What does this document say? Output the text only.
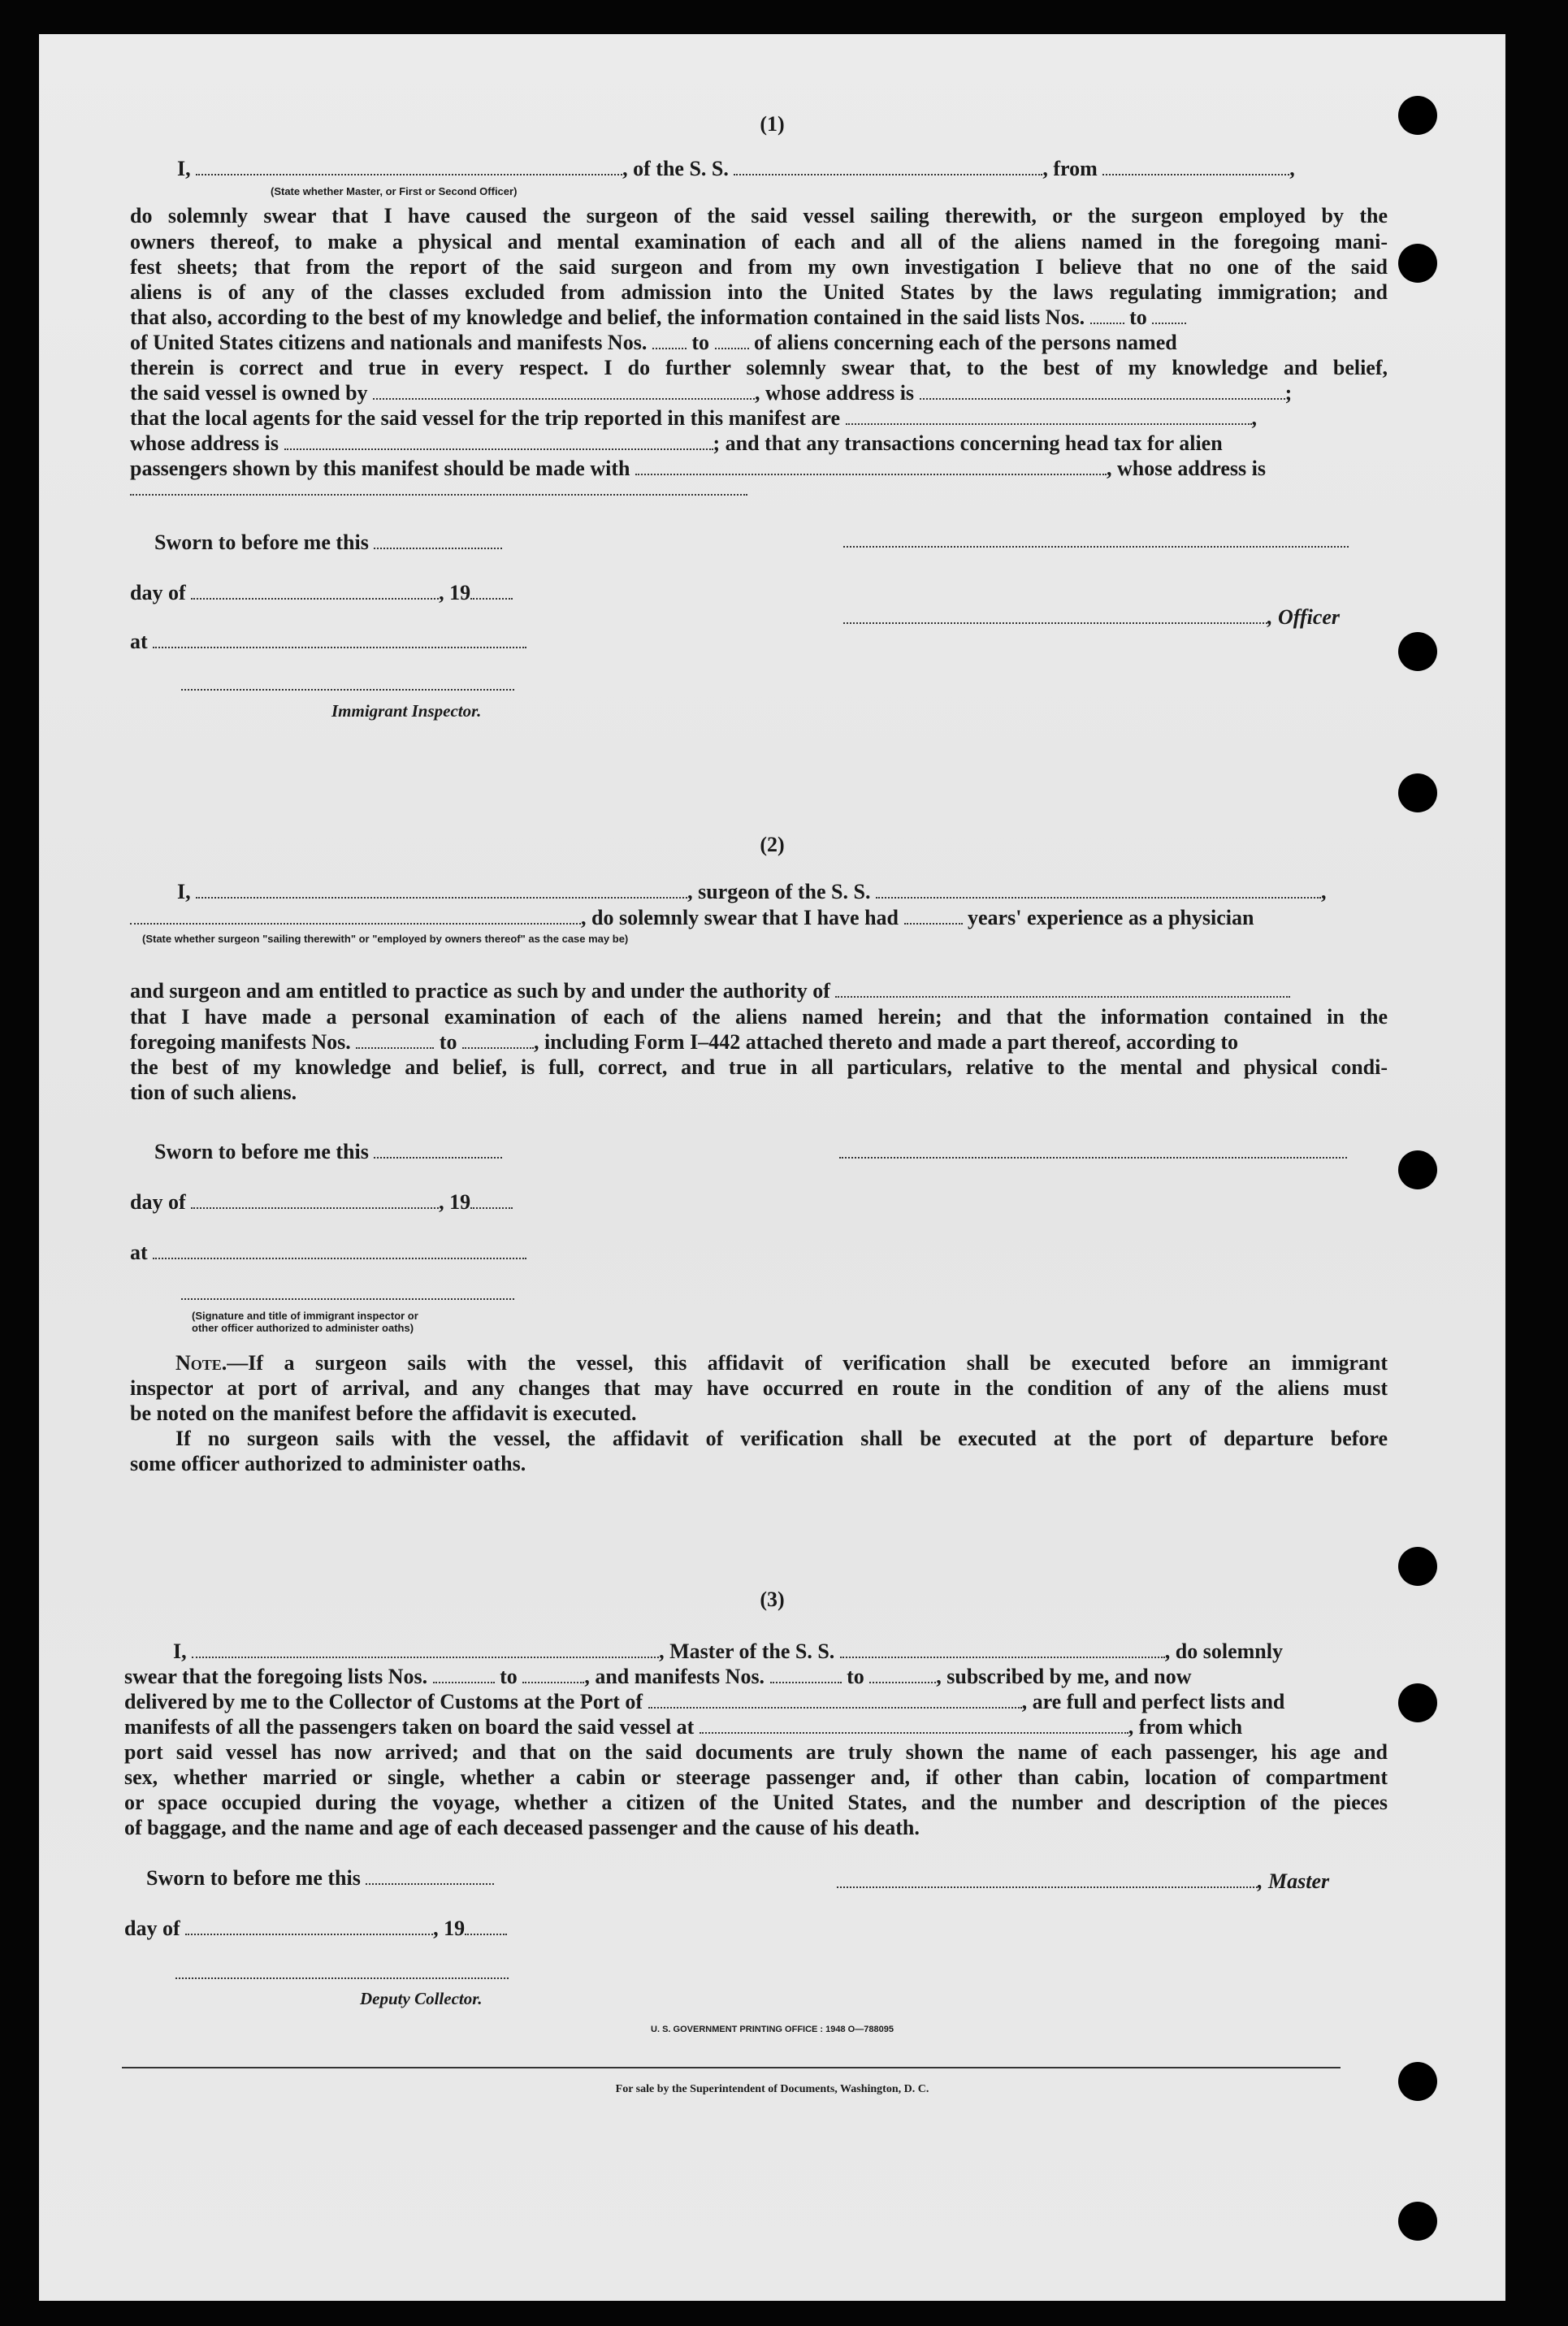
(1)
I,	, of the S. S.	, from	,
(State whether Master, or First or Second Officer)
do solemnly swear that I have caused the surgeon of the said vessel sailing therewith, or the surgeon employed by the
owners thereof, to make a physical and mental examination of each and all of the aliens named in the foregoing mani-
fest sheets; that from the report of the said surgeon and from my own investigation I believe that no one of the said
aliens is of any of the classes excluded from admission into the United States by the laws regulating immigration; and
that also, according to the best of my knowledge and belief, the information contained in the said lists Nos. to
of United States citizens and nationals and manifests Nos. to of aliens concerning each of the persons named
therein is correct and true in every respect. I do further solemnly swear that, to the best of my knowledge and belief,
the said vessel is owned by	, whose address is	;
that the local agents for the said vessel for the trip reported in this manifest are	,
whose address is	; and that any transactions concerning head tax for alien
passengers shown by this manifest should be made with	, whose address is
Sworn to before me this
day of	, 19
, Officer
at
Immigrant Inspector.
(2)
I,	, surgeon of the S. S.	,
, do solemnly swear that I have had	years' experience as a physician
(State whether surgeon "sailing therewith" or "employed by owners thereof" as the case may be)
and surgeon and am entitled to practice as such by and under the authority of
that I have made a personal examination of each of the aliens named herein; and that the information contained in the
foregoing manifests Nos.	to	, including Form I–442 attached thereto and made a part thereof, according to
the best of my knowledge and belief, is full, correct, and true in all particulars, relative to the mental and physical condi-
tion of such aliens.
Sworn to before me this
day of	, 19
at
(Signature and title of immigrant inspector or
other officer authorized to administer oaths)
Note.—If a surgeon sails with the vessel, this affidavit of verification shall be executed before an immigrant
inspector at port of arrival, and any changes that may have occurred en route in the condition of any of the aliens must
be noted on the manifest before the affidavit is executed.
If no surgeon sails with the vessel, the affidavit of verification shall be executed at the port of departure before
some officer authorized to administer oaths.
(3)
I,	, Master of the S. S.	, do solemnly
swear that the foregoing lists Nos.	to	, and manifests Nos.	to	, subscribed by me, and now
delivered by me to the Collector of Customs at the Port of	, are full and perfect lists and
manifests of all the passengers taken on board the said vessel at	, from which
port said vessel has now arrived; and that on the said documents are truly shown the name of each passenger, his age and
sex, whether married or single, whether a cabin or steerage passenger and, if other than cabin, location of compartment
or space occupied during the voyage, whether a citizen of the United States, and the number and description of the pieces
of baggage, and the name and age of each deceased passenger and the cause of his death.
Sworn to before me this	, Master
day of	, 19
Deputy Collector.
U. S. GOVERNMENT PRINTING OFFICE : 1948 O—788095
For sale by the Superintendent of Documents, Washington, D. C.
